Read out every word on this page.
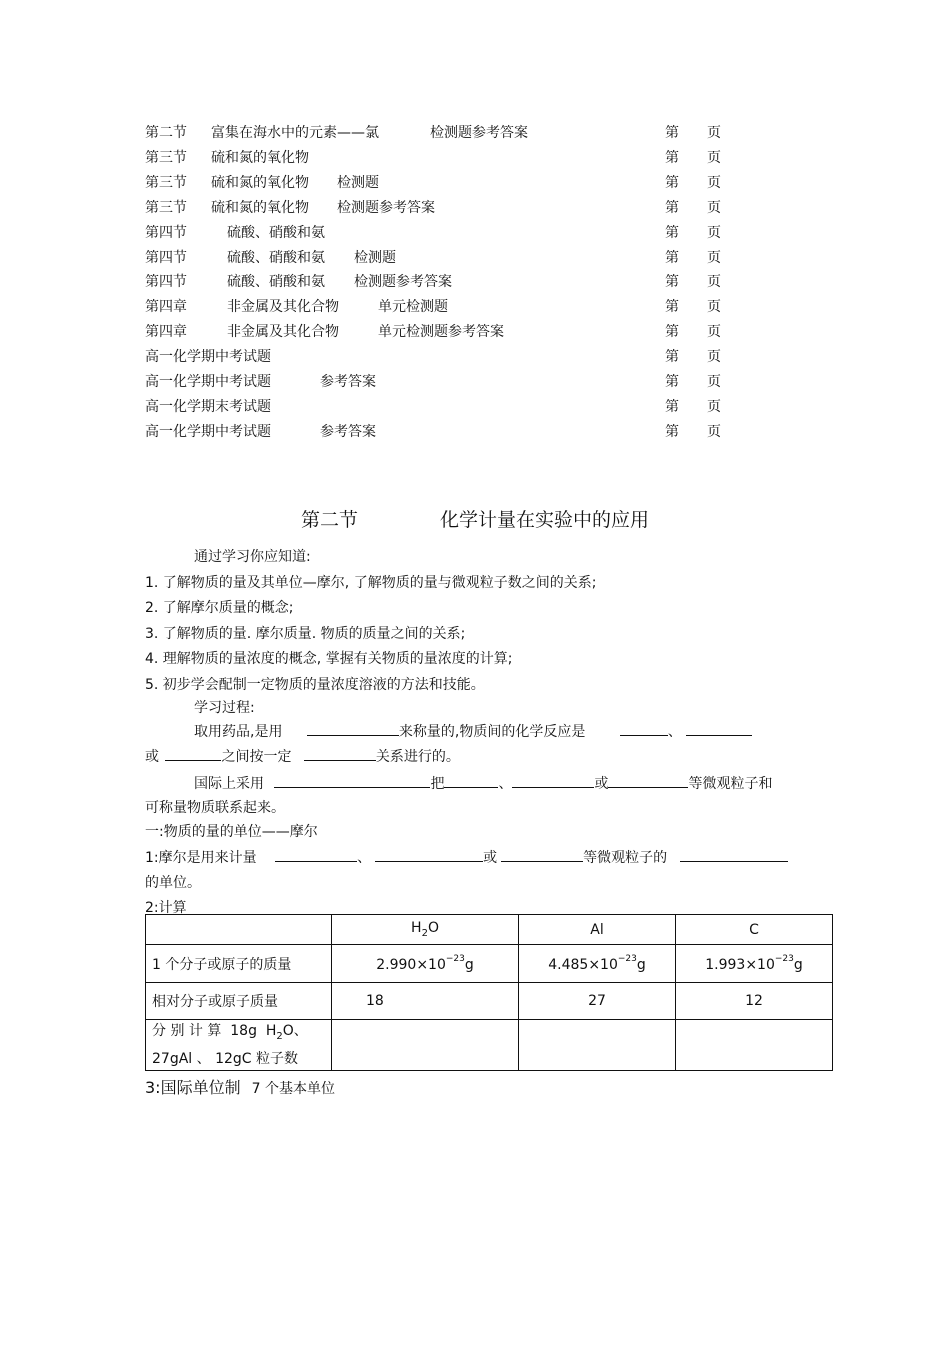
第二节 富集在海水中的元素——氯	检测题参考答案	第 页
第三节 硫和氮的氧化物	第 页
第三节 硫和氮的氧化物 检测题	第 页
第三节 硫和氮的氧化物 检测题参考答案	第 页
第四节	硫酸、硝酸和氨	第 页
第四节	硫酸、硝酸和氨 检测题	第 页
第四节	硫酸、硝酸和氨 检测题参考答案	第 页
第四章	非金属及其化合物	单元检测题	第 页
第四章	非金属及其化合物	单元检测题参考答案	第 页
高一化学期中考试题	第 页
高一化学期中考试题	参考答案	第 页
高一化学期末考试题	第 页
高一化学期中考试题	参考答案	第 页
第二节	化学计量在实验中的应用
通过学习你应知道:
1. 了解物质的量及其单位—摩尔, 了解物质的量与微观粒子数之间的关系;
2. 了解摩尔质量的概念;
3. 了解物质的量. 摩尔质量. 物质的质量之间的关系;
4. 理解物质的量浓度的概念, 掌握有关物质的量浓度的计算;
5. 初步学会配制一定物质的量浓度溶液的方法和技能。
学习过程:
取用药品,是用	来称量的,物质间的化学反应是	、
或	之间按一定	关系进行的。
国际上采用	把	、	或	等微观粒子和
可称量物质联系起来。
一:物质的量的单位——摩尔
1:摩尔是用来计量	、	或	等微观粒子的
的单位。
2:计算
	$H_2O$	Al	C
1 个分子或原子的质量	$2.990\times 10^{-23}g$	$4.485\times 10^{-23}g$	$1.993\times 10^{-23}g$
相对分子或原子质量	18	27	12

分 别 计 算  18g  $H_2O$、
27gAl 、 12gC 粒子数			

3:国际单位制 7 个基本单位
